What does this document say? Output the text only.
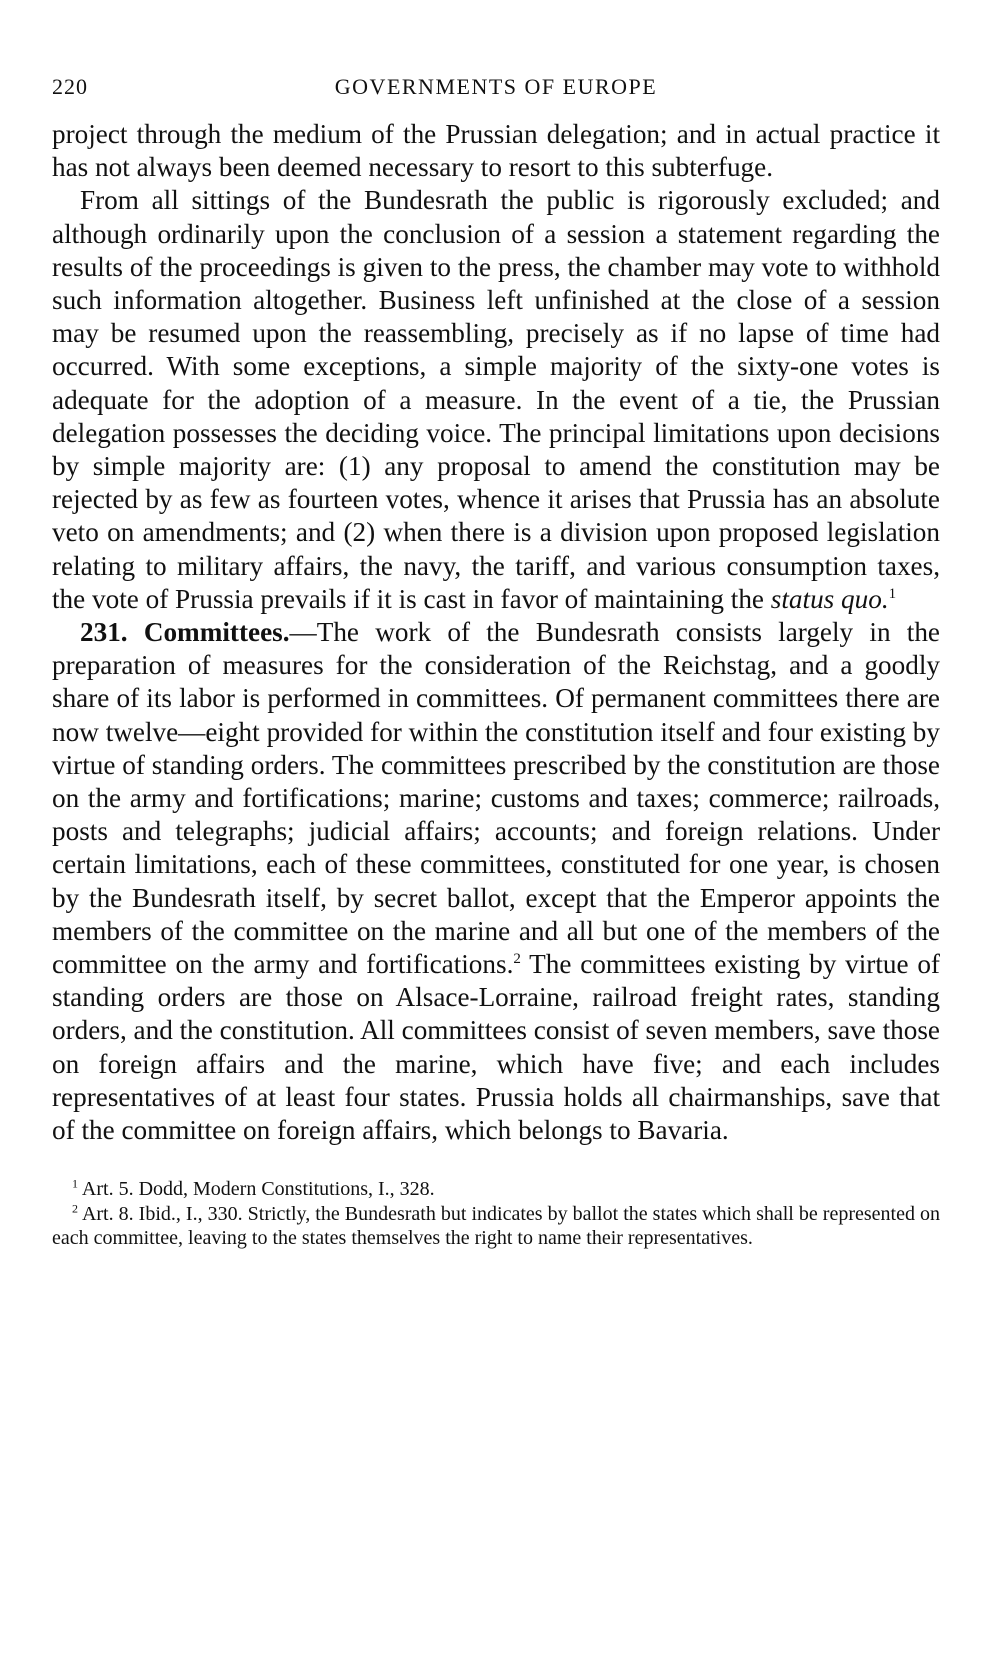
220	GOVERNMENTS OF EUROPE

project through the medium of the Prussian delegation; and in actual practice it has not always been deemed necessary to resort to this subterfuge.

From all sittings of the Bundesrath the public is rigorously excluded; and although ordinarily upon the conclusion of a session a statement regarding the results of the proceedings is given to the press, the chamber may vote to withhold such information altogether. Business left unfinished at the close of a session may be resumed upon the reassembling, precisely as if no lapse of time had occurred. With some exceptions, a simple majority of the sixty-one votes is adequate for the adoption of a measure. In the event of a tie, the Prussian delegation possesses the deciding voice. The principal limitations upon decisions by simple majority are: (1) any proposal to amend the constitution may be rejected by as few as fourteen votes, whence it arises that Prussia has an absolute veto on amendments; and (2) when there is a division upon proposed legislation relating to military affairs, the navy, the tariff, and various consumption taxes, the vote of Prussia prevails if it is cast in favor of maintaining the status quo.$^1$

231. Committees.—The work of the Bundesrath consists largely in the preparation of measures for the consideration of the Reichstag, and a goodly share of its labor is performed in committees. Of permanent committees there are now twelve—eight provided for within the constitution itself and four existing by virtue of standing orders. The committees prescribed by the constitution are those on the army and fortifications; marine; customs and taxes; commerce; railroads, posts and telegraphs; judicial affairs; accounts; and foreign relations. Under certain limitations, each of these committees, constituted for one year, is chosen by the Bundesrath itself, by secret ballot, except that the Emperor appoints the members of the committee on the marine and all but one of the members of the committee on the army and fortifications.$^2$ The committees existing by virtue of standing orders are those on Alsace-Lorraine, railroad freight rates, standing orders, and the constitution. All committees consist of seven members, save those on foreign affairs and the marine, which have five; and each includes representatives of at least four states. Prussia holds all chairmanships, save that of the committee on foreign affairs, which belongs to Bavaria.

$^1$ Art. 5. Dodd, Modern Constitutions, I., 328.

$^2$ Art. 8. Ibid., I., 330. Strictly, the Bundesrath but indicates by ballot the states which shall be represented on each committee, leaving to the states themselves the right to name their representatives.
